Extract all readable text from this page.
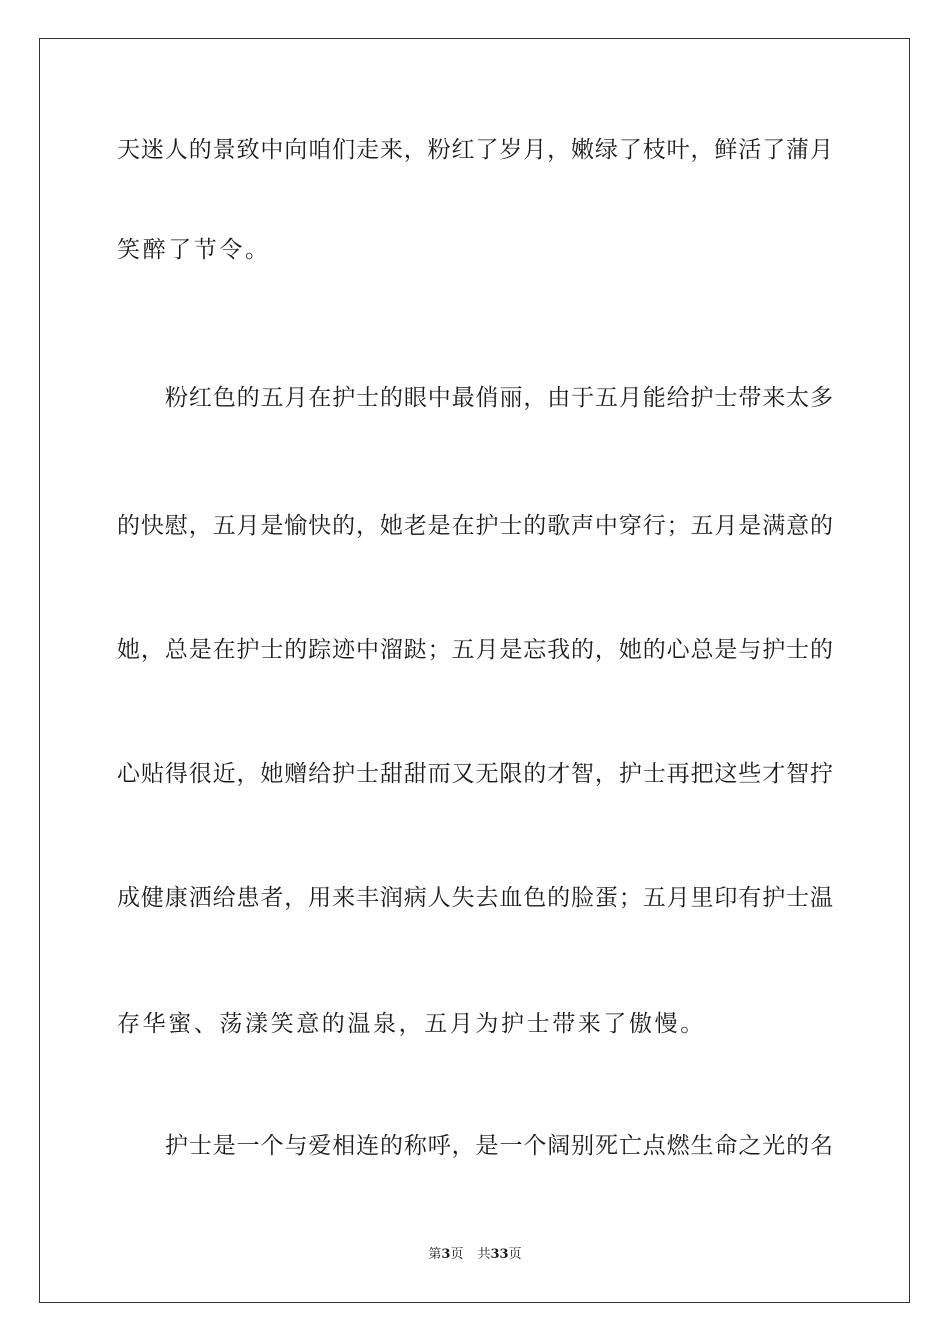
天迷人的景致中向咱们走来，粉红了岁月，嫩绿了枝叶，鲜活了蒲月
笑醉了节令。
粉红色的五月在护士的眼中最俏丽，由于五月能给护士带来太多
的快慰，五月是愉快的，她老是在护士的歌声中穿行；五月是满意的
她，总是在护士的踪迹中溜跶；五月是忘我的，她的心总是与护士的
心贴得很近，她赠给护士甜甜而又无限的才智，护士再把这些才智拧
成健康洒给患者，用来丰润病人失去血色的脸蛋；五月里印有护士温
存华蜜、荡漾笑意的温泉，五月为护士带来了傲慢。
护士是一个与爱相连的称呼，是一个阔别死亡点燃生命之光的名
第3页 共33页
